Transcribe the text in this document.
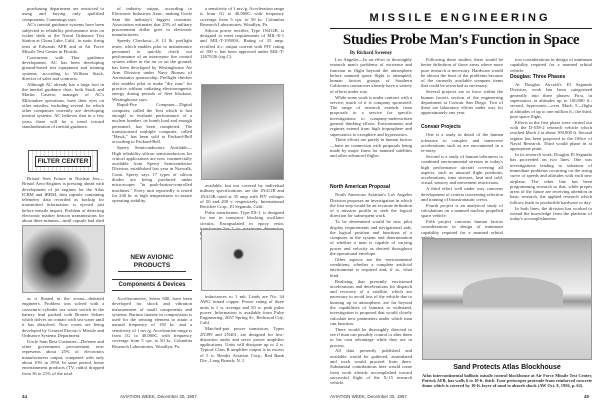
purchasing department are restricted to using and buying only qualified components, Cummings says.

AC's inertial guidance systems have been subjected to reliability performance tests on rocket sleds at the Naval Ordnance Test Station at China Lake, Calif., in static firing tests at Edwards AFB and at Air Force Missile Test Center in Florida.

Concurrent with Thor guidance development, AC has been developing ground-based test equipment and training systems, according to William Stack, director of sales and contracts.

Although AC already has a large foot in the inertial guidance door, both Stack and Martin Caserio, manager of AC's Milwaukee operations, have their eyes on other missiles, including several for which other companies currently are developing inertial systems. AC believes that in a few years there will be a trend toward standardization of inertial guidance.

FILTER CENTER

Bristol Sees Future in Nuclear Jets—Bristol Aero-Engines is pressing ahead with development of jet engines for the Atlas ICBM and IRBM, data capsule containing telemetry data recorded as backup for transmitted information is ejected just before missile impact. Problem of detecting electronic marker beacon transmissions for about three minutes—until capsule had shed

as it floated in the ocean—defeated engineers. Problem was solved with a concentric-cylinder sea water switch in the battery lead packed with Bronze Seltzer which dolves on contact with sea water until it has dissolved. Now cones are being developed by General Electric's Missile and Ordnance Systems Department.

Uncle Sam Best Customer—Defense and other government procurement now represents about 25% of electronics manufacturers output, compared with only about 10% in 1950. In same period, home entertainment products (TV, radio) dropped from 36 to 21% of the total.

of industry output, according to Electronic Industries Assn., making Uncle Sam the industry's biggest customer. Association estimates that 25% of military procurement dollar goes to electronic manufacturers.

Speedy Checkout—A 13 lb. preflight tester, which enables pilot or maintenance personnel to quickly check out performance of an interceptor fire control system either in the air or on the ground, has been developed by Westinghouse Air Arm Division under Navy Bureau of Aeronautics sponsorship. Preflight checker also enables pilot to make "dry runs" for practice without radiating electromagnetic energy during periods of fleet blackout, Westinghouse says.

Rapid-Fire Computer—Digital computer, called the 'first which is fast enough' to evaluate performance of a nuclear bomber, its bomb load and enough personnel, has been completed. The transistorized multiple computer, called "Hawk," has been sold to Packard-Bell according to Packard-Bell.

Sperry Semiconductors Available—High reliability silicon semiconductors for critical applications are now commercially available from Sperry Semiconductor Division, established last year in Norwalk, Conn. Sperry says 17 types of silicon diodes are being produced under microscopes "in push-button-controlled machines." Every unit reportedly is tested for 240 hr. at high temperatures to assure operating stability.

NEW AVIONIC PRODUCTS
Components & Devices

Accelerometers, Series 600, have been developed for shock and vibration measurement of small components and systems. Barium titanate in compression is used for the sensing element to attain a natural frequency of 150 kc. and a sensitivity of 1 mv./g. Acceleration range is from 1G to 40,000G with frequency coverage from 5 cps. to 50 kc. Columbia Research Laboratories, Woodlyn, Pa.

a sensitivity of 1 mv./g. Acceleration range is from 1G to 40,000G with frequency coverage from 5 cps. to 50 kc. Columbia Research Laboratories, Woodlyn, Pa.

Silicon power rectifier, Type 1N412B, is designed to meet requirements of MIL-E-1 and MIL-T-19500A. Rating of 35 amp. rectified d.c. output current with PIV rating of 100 v. has been approved under MIL-T-12679/26 (sig C).

available, but not covered by individual military specifications, are the 1N411B and 1N413B rated at 35 amp with PIV voltages of 50 and 200 v. respectively. International Rectifier Corp., El Segundo, Calif.

Pulse transformer, Type ES-1, is designed for use in transistor blocking oscillator circuits. Encapsulated in epoxy resin,

inductances to 1 mh. Leads are No. 34 AWG tinned copper. Power rating of three units is 1 w. average and 50 w. peak pulse power. Information is available from Pulse Engineering, 2657 Spring St., Redwood City, Calif.

Matched-pair power transistors, Types 2N399 and 2N401, are designed for low-distortion audio and servo power amplifier applications. Units will dissipate up to 2 w. Typical Class B amplifier output is in excess of 5 w. Bendix Aviation Corp., Red Bank Div., Long Branch, N. J.

44	AVIATION WEEK, December 30, 1957
MISSILE ENGINEERING
Studies Probe Man's Function in Space
By Richard Sweeney

Los Angeles—In an effort to thoroughly research man's problems of existence and function in flight beyond the atmosphere before manned space flight is attempted, human factors groups of Southern California contractors already have a variety of efforts under way.

While some work is under contract with a service, much of it is company sponsored. The range of research extends from proposals to a service for specific investigations to company-underwritten general thinking efforts. Environments and regimes extend from high troposphere and supersonics to exosphere and hypersonics.

These efforts are purely in human factors—have no connection with proposals being made by major firms for manned satellites and other advanced flights.

North American Proposal

North American Aviation's Los Angeles Division proposes an investigation in which the first step would be an accurate definition of a mission profile to seek the logical direction for subsequent work.

To be determined would be new pilot display requirements and navigational aids, the logical position and functions of a computer in the system and determination of whether a man is capable of varying power and velocity as desired throughout the operational envelope.

Other aspects are the environmental conditions, whether a complete artificial environment is required and, if so, what kind.

Realizing that presently envisioned accelerations and decelerations for dispatch and recovery of a satellite, which are necessary to avoid loss of the vehicle due to burning up in atmosphere, are far beyond the capabilities of humans to withstand, investigation is proposed that would closely calculate new parameters under which man can function.

There would be thoroughly directed to see if man can possibly control or alter them to his own advantage while they are in process.

All data presently published and available would be gathered, assimilated and work would proceed from there. Substantial contributions here would come from work already accomplished toward successful flight of the X-15 research vehicle.

Following these studies, there would be better definition of those areas where more pure research is necessary. Hardware would be almost the least of the problems because of the currently available weapons items that could be reworked as necessary.

Several projects are in force within the human factors section of the engineering department at Convair San Diego. Two of these are laboratory efforts under way for approximately one year.

Convair Projects

One is a study in detail of the human tolerance to complex and transverse accelerations such as are encountered in a re-entry.

Second is a study of human tolerances to combined environmental stresses in today's high performance aircraft covering all aspects, such as unusual flight positions, accelerations, time stresses, heat and cold, visual, sensory and movement restrictions.

A third effort well under way concerns development of criteria concerning selection and training of bioastronautic crews.

Fourth project is an analytical study of calculations on a manned nuclear propelled space vehicle.

Fifth project concerns human factors considerations in design of minimum capability required for a manned orbital

tors considerations in design of minimum capability required for a manned orbital vehicle.

Douglas: Three Phases

At Douglas Aircraft's El Segundo Division, work has been categorized generally into three phases: First, in supersonics at altitudes up to 100,000 ft.; second, hypersonic—over Mach 5—flight at altitudes of up to one million ft.; the third, pure space flight.

Efforts in the first phase were carried out with the D-558-2 research vehicle which reached Mach 2 at about 100,000 ft. Second regime has been proposed to the Office of Naval Research. Third would phase in at appropriate point.

In its research work, Douglas El Segundo has proceeded on two lines. One was investigations leading to solutions of immediate problems occurring on the rising curve of speeds and altitudes with each new airplane. The other line has been programming research so that, while proper areas of the future are receiving attention in basic research, the applied research which follows leads to producible hardware to day.

In both lines, the division has worked to extend the knowledge from the platform of today's accomplishments.

Sand Protects Atlas Blockhouse
Atlas intercontinental ballistic missile control blockhouse at Air Force Missile Test Center, Patrick AFB, has walls 6 to 10 ft. thick. Four periscopes protrude from reinforced concrete dome which is covered by 10-ft. layer of sand to absorb shock (AW Oct. 8, 1956, p. 62).
AVIATION WEEK, December 30, 1957	45
